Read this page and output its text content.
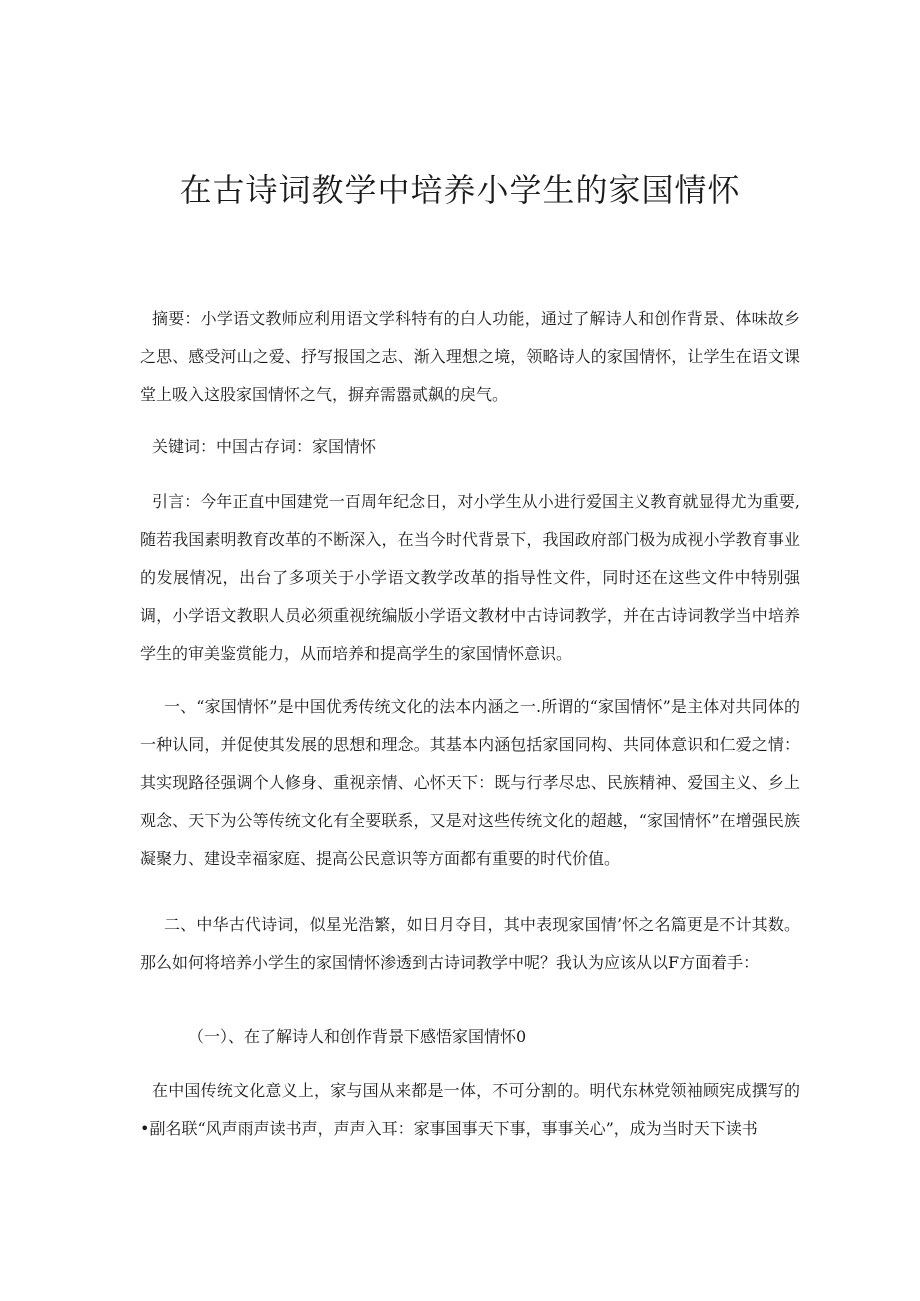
在古诗词教学中培养小学生的家国情怀

摘要：小学语文教师应利用语文学科特有的白人功能，通过了解诗人和创作背景、体味故乡之思、感受河山之爱、抒写报国之志、渐入理想之境，领略诗人的家国情怀，让学生在语文课堂上吸入这股家国情怀之气，摒弃需嚣贰飙的戾气。

关键词：中国古存词：家国情怀

引言：今年正直中国建党一百周年纪念日，对小学生从小进行爱国主义教育就显得尤为重要,随若我国素明教育改革的不断深入，在当今时代背景下，我国政府部门极为成视小学教育事业的发展情况，出台了多项关于小学语文教学改革的指导性文件，同时还在这些文件中特别强调，小学语文教职人员必须重视统编版小学语文教材中古诗词教学，并在古诗词教学当中培养学生的审美鉴赏能力，从而培养和提高学生的家国情怀意识。

一、“家国情怀”是中国优秀传统文化的法本内涵之一.所谓的“家国情怀”是主体对共同体的一种认同，并促使其发展的思想和理念。其基本内涵包括家国同构、共同体意识和仁爱之情：其实现路径强调个人修身、重视亲情、心怀天下：既与行孝尽忠、民族精神、爱国主义、乡上观念、天下为公等传统文化有全要联系，又是对这些传统文化的超越，“家国情怀”在增强民族凝聚力、建设幸福家庭、提高公民意识等方面都有重要的时代价值。

二、中华古代诗词，似星光浩繁，如日月夺目，其中表现家国情’怀之名篇更是不计其数。那么如何将培养小学生的家国情怀渗透到古诗词教学中呢？我认为应该从以F方面着手：

（一）、在了解诗人和创作背景下感悟家国情怀0

在中国传统文化意义上，家与国从来都是一体，不可分割的。明代东林党领袖顾宪成撰写的•副名联“风声雨声读书声，声声入耳：家事国事天下事，事事关心”，成为当时天下读书
